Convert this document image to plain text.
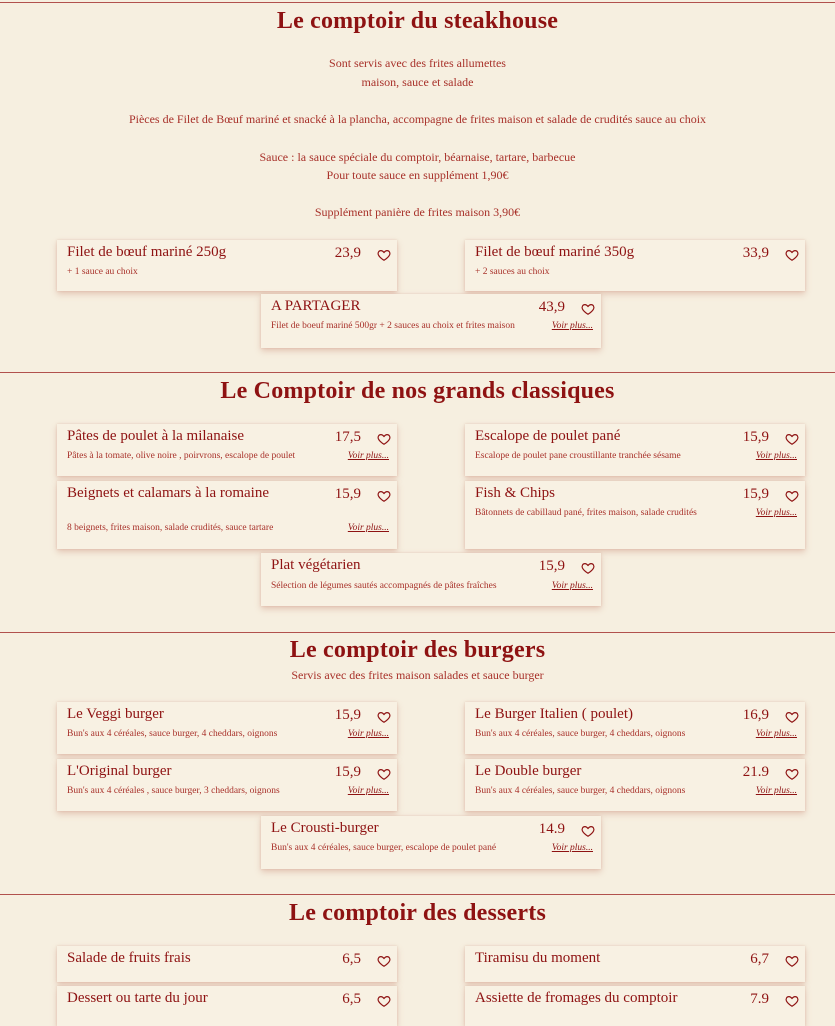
Le comptoir du steakhouse
Sont servis avec des frites allumettes
maison, sauce et salade
Pièces de Filet de Bœuf mariné et snacké à la plancha, accompagne de frites maison et salade de crudités sauce au choix
Sauce : la sauce spéciale du comptoir, béarnaise, tartare, barbecue
Pour toute sauce en supplément 1,90€
Supplément panière de frites maison 3,90€
Filet de bœuf mariné 250g	23,9
+ 1 sauce au choix
Filet de bœuf mariné 350g	33,9
+ 2 sauces au choix
A PARTAGER	43,9
Filet de boeuf mariné 500gr + 2 sauces au choix et frites maison	Voir plus...
Le Comptoir de nos grands classiques
Pâtes de poulet à la milanaise	17,5
Pâtes à la tomate, olive noire , poirvrons, escalope de poulet	Voir plus...
Escalope de poulet pané	15,9
Escalope de poulet pane croustillante tranchée sésame	Voir plus...
Beignets et calamars à la romaine	15,9
8 beignets, frites maison, salade crudités, sauce tartare	Voir plus...
Fish & Chips	15,9
Bâtonnets de cabillaud pané, frites maison, salade crudités	Voir plus...
Plat végétarien	15,9
Sélection de légumes sautés accompagnés de pâtes fraîches	Voir plus...
Le comptoir des burgers
Servis avec des frites maison salades et sauce burger
Le Veggi burger	15,9
Bun's aux 4 céréales, sauce burger, 4 cheddars, oignons	Voir plus...
Le Burger Italien ( poulet)	16,9
Bun's aux 4 céréales, sauce burger, 4 cheddars, oignons	Voir plus...
L'Original burger	15,9
Bun's aux 4 céréales , sauce burger, 3 cheddars, oignons	Voir plus...
Le Double burger	21.9
Bun's aux 4 céréales, sauce burger, 4 cheddars, oignons	Voir plus...
Le Crousti-burger	14.9
Bun's aux 4 céréales, sauce burger, escalope de poulet pané	Voir plus...
Le comptoir des desserts
Salade de fruits frais	6,5	Tiramisu du moment	6,7
Dessert ou tarte du jour	6,5	Assiette de fromages du comptoir	7.9
